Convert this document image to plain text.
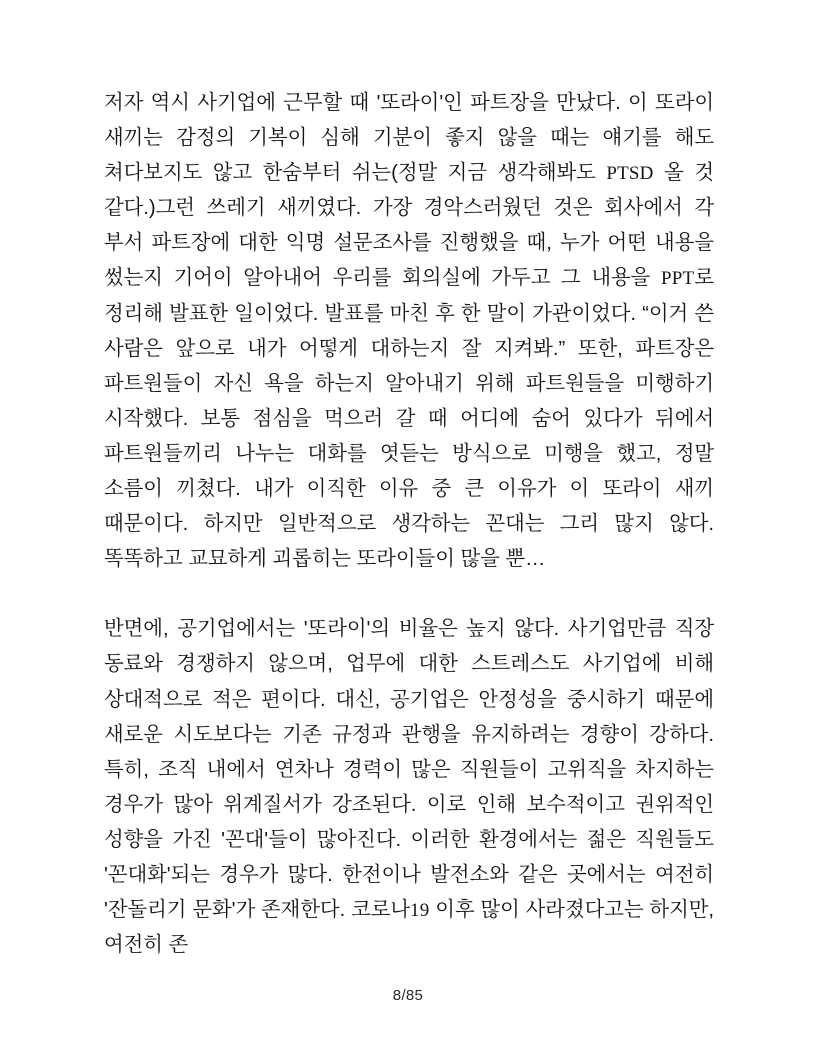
저자 역시 사기업에 근무할 때 '또라이'인 파트장을 만났다. 이 또라이 새끼는 감정의 기복이 심해 기분이 좋지 않을 때는 얘기를 해도 쳐다보지도 않고 한숨부터 쉬는(정말 지금 생각해봐도 PTSD 올 것 같다.)그런 쓰레기 새끼였다. 가장 경악스러웠던 것은 회사에서 각 부서 파트장에 대한 익명 설문조사를 진행했을 때, 누가 어떤 내용을 썼는지 기어이 알아내어 우리를 회의실에 가두고 그 내용을 PPT로 정리해 발표한 일이었다. 발표를 마친 후 한 말이 가관이었다. “이거 쓴 사람은 앞으로 내가 어떻게 대하는지 잘 지켜봐.” 또한, 파트장은 파트원들이 자신 욕을 하는지 알아내기 위해 파트원들을 미행하기 시작했다. 보통 점심을 먹으러 갈 때 어디에 숨어 있다가 뒤에서 파트원들끼리 나누는 대화를 엿듣는 방식으로 미행을 했고, 정말 소름이 끼쳤다. 내가 이직한 이유 중 큰 이유가 이 또라이 새끼 때문이다. 하지만 일반적으로 생각하는 꼰대는 그리 많지 않다. 똑똑하고 교묘하게 괴롭히는 또라이들이 많을 뿐…

반면에, 공기업에서는 '또라이'의 비율은 높지 않다. 사기업만큼 직장 동료와 경쟁하지 않으며, 업무에 대한 스트레스도 사기업에 비해 상대적으로 적은 편이다. 대신, 공기업은 안정성을 중시하기 때문에 새로운 시도보다는 기존 규정과 관행을 유지하려는 경향이 강하다. 특히, 조직 내에서 연차나 경력이 많은 직원들이 고위직을 차지하는 경우가 많아 위계질서가 강조된다. 이로 인해 보수적이고 권위적인 성향을 가진 '꼰대'들이 많아진다. 이러한 환경에서는 젊은 직원들도 '꼰대화'되는 경우가 많다. 한전이나 발전소와 같은 곳에서는 여전히 '잔돌리기 문화'가 존재한다. 코로나19 이후 많이 사라졌다고는 하지만, 여전히 존

8/85
